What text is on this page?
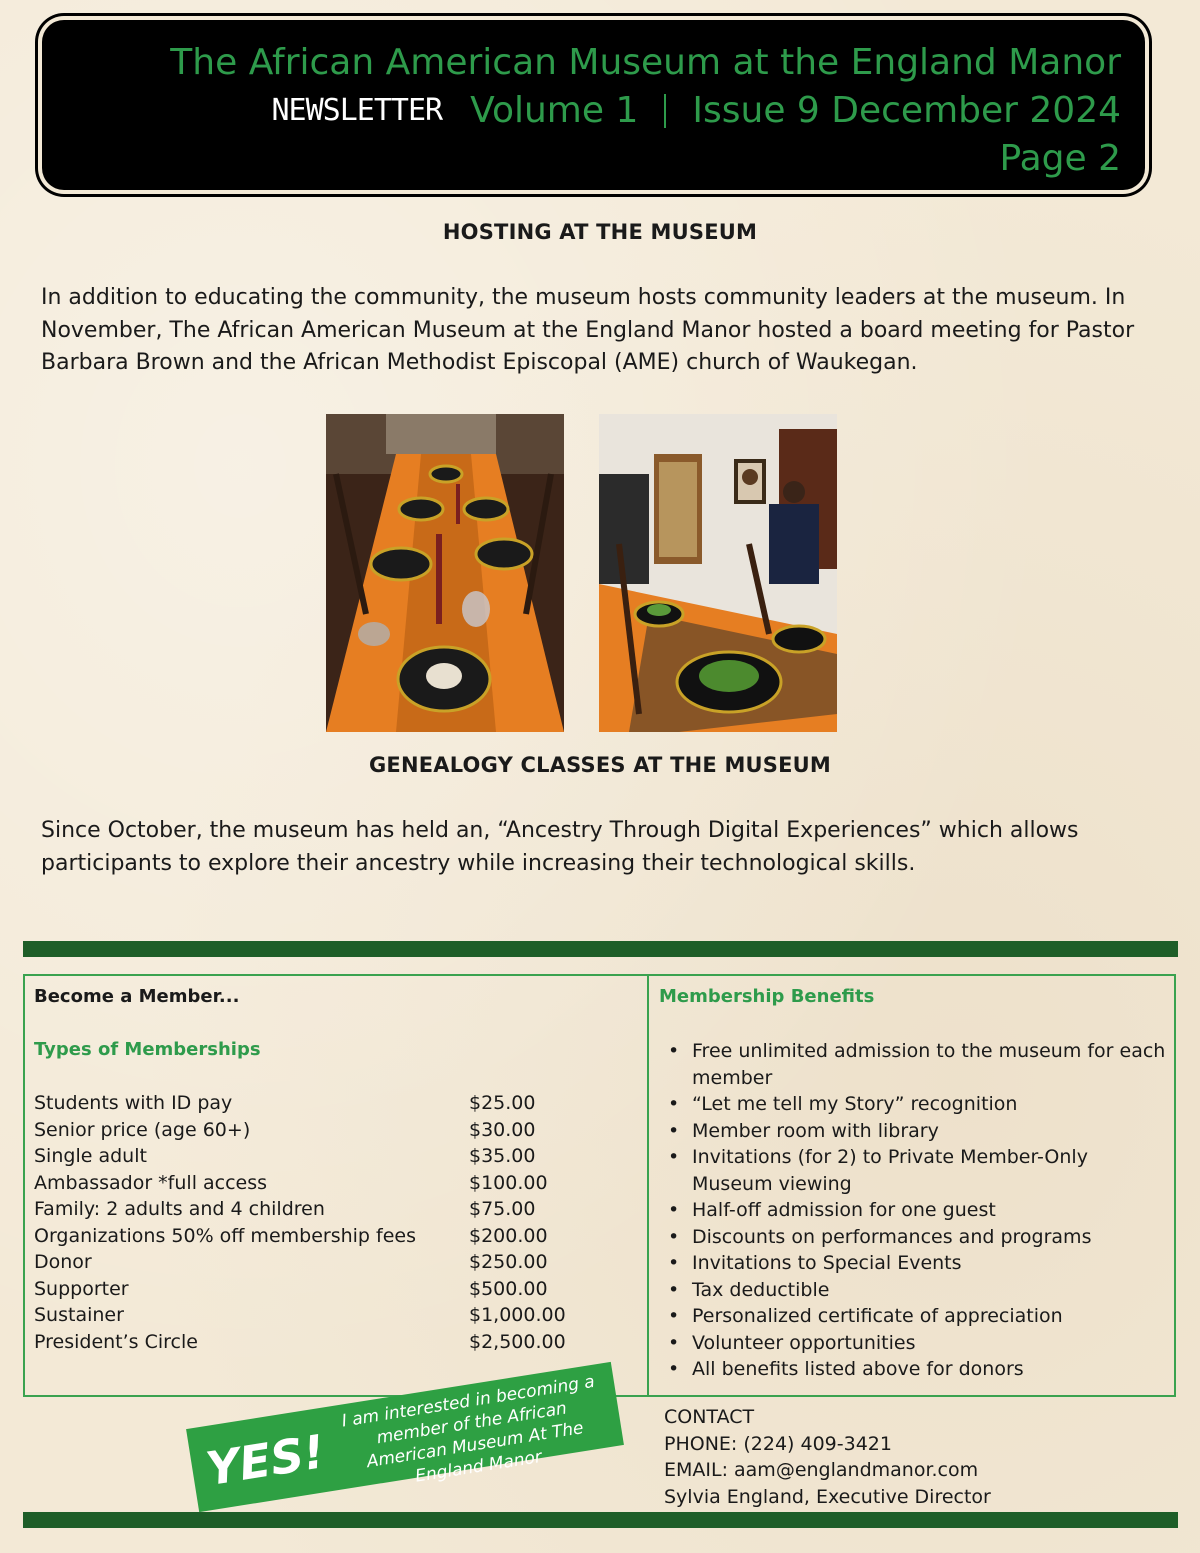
The African American Museum at the England Manor
NEWSLETTER Volume 1 Issue 9 December 2024
Page 2
HOSTING AT THE MUSEUM
In addition to educating the community, the museum hosts community leaders at the museum. In November, The African American Museum at the England Manor hosted a board meeting for Pastor Barbara Brown and the African Methodist Episcopal (AME) church of Waukegan.
GENEALOGY CLASSES AT THE MUSEUM
Since October, the museum has held an, “Ancestry Through Digital Experiences” which allows participants to explore their ancestry while increasing their technological skills.
Become a Member...
Types of Memberships
Students with ID pay	$25.00
Senior price (age 60+)	$30.00
Single adult	$35.00
Ambassador *full access	$100.00
Family: 2 adults and 4 children	$75.00
Organizations 50% off membership fees	$200.00
Donor	$250.00
Supporter	$500.00
Sustainer	$1,000.00
President’s Circle	$2,500.00
Membership Benefits
• Free unlimited admission to the museum for each member
• “Let me tell my Story” recognition
• Member room with library
• Invitations (for 2) to Private Member-Only Museum viewing
• Half-off admission for one guest
• Discounts on performances and programs
• Invitations to Special Events
• Tax deductible
• Personalized certificate of appreciation
• Volunteer opportunities
• All benefits listed above for donors
YES!
I am interested in becoming a member of the African American Museum At The England Manor
CONTACT
PHONE: (224) 409-3421
EMAIL: aam@englandmanor.com
Sylvia England, Executive Director
